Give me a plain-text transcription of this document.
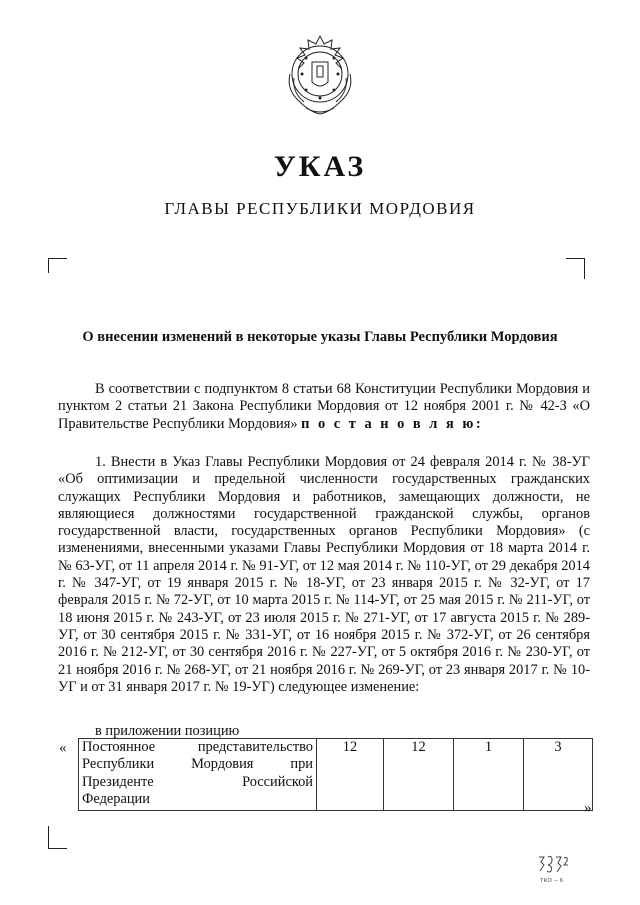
УКАЗ
ГЛАВЫ РЕСПУБЛИКИ МОРДОВИЯ
О внесении изменений в некоторые указы Главы Республики Мордовия
В соответствии с подпунктом 8 статьи 68 Конституции Республики Мордовия и пунктом 2 статьи 21 Закона Республики Мордовия от 12 ноября 2001 г. № 42-З «О Правительстве Республики Мордовия» п о с т а н о в л я ю:
1. Внести в Указ Главы Республики Мордовия от 24 февраля 2014 г. № 38-УГ «Об оптимизации и предельной численности государственных гражданских служащих Республики Мордовия и работников, замещающих должности, не являющиеся должностями государственной гражданской службы, органов государственной власти, государственных органов Республики Мордовия» (с изменениями, внесенными указами Главы Республики Мордовия от 18 марта 2014 г. № 63-УГ, от 11 апреля 2014 г. № 91-УГ, от 12 мая 2014 г. № 110-УГ, от 29 декабря 2014 г. № 347-УГ, от 19 января 2015 г. № 18-УГ, от 23 января 2015 г. № 32-УГ, от 17 февраля 2015 г. № 72-УГ, от 10 марта 2015 г. № 114-УГ, от 25 мая 2015 г. № 211-УГ, от 18 июня 2015 г. № 243-УГ, от 23 июля 2015 г. № 271-УГ, от 17 августа 2015 г. № 289-УГ, от 30 сентября 2015 г. № 331-УГ, от 16 ноября 2015 г. № 372-УГ, от 26 сентября 2016 г. № 212-УГ, от 30 сентября 2016 г. № 227-УГ, от 5 октября 2016 г. № 230-УГ, от 21 ноября 2016 г. № 268-УГ, от 21 ноября 2016 г. № 269-УГ, от 23 января 2017 г. № 10-УГ и от 31 января 2017 г. № 19-УГ) следующее изменение:
в приложении позицию
« Постоянное представительство
Республики Мордовия при
Президенте Российской
Федерации
	12	12	1	3
»
ТКО – 6
